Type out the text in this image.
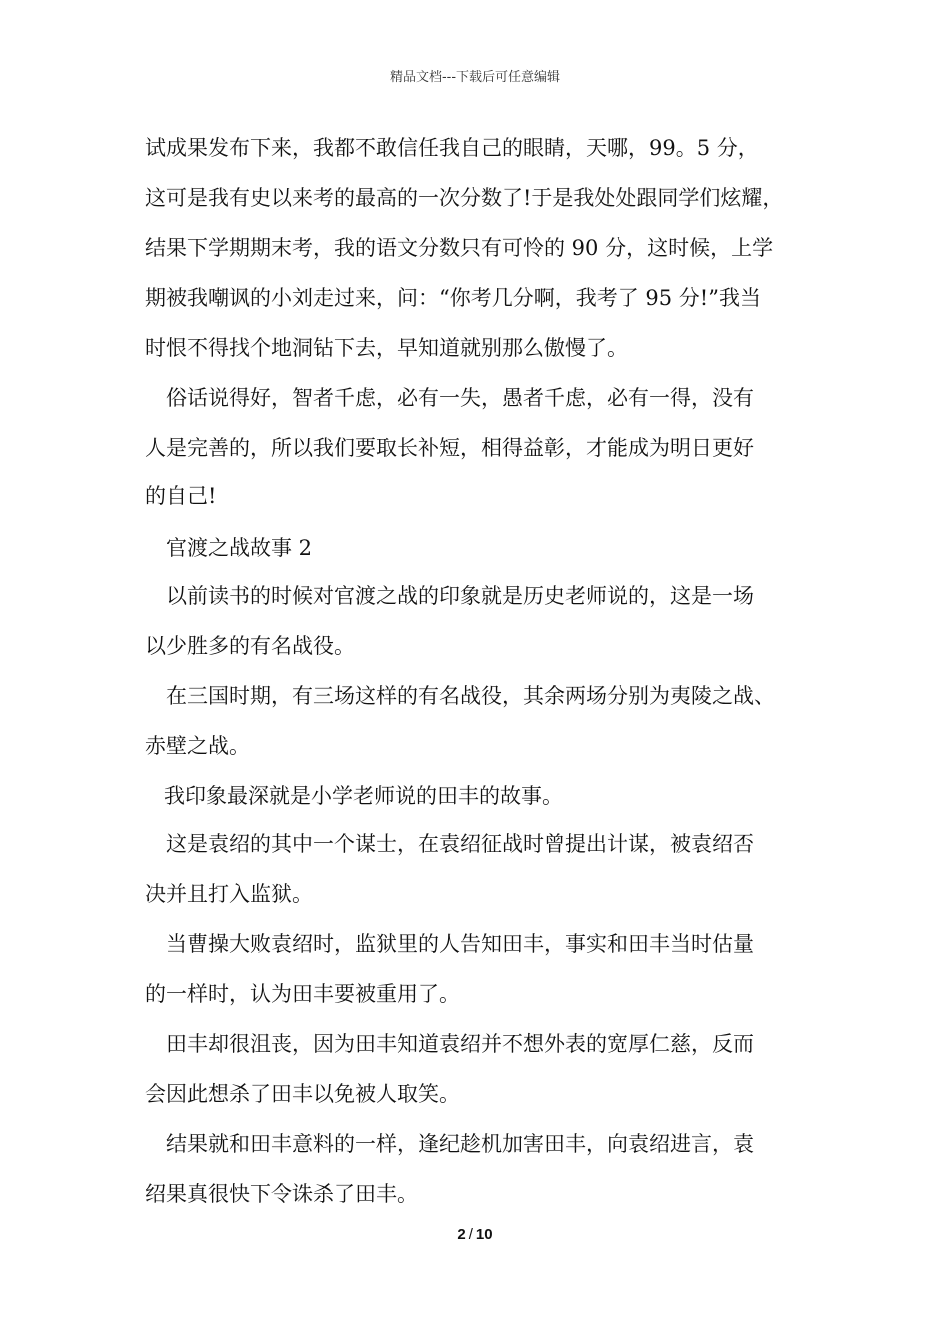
精品文档---下载后可任意编辑
试成果发布下来，我都不敢信任我自己的眼睛，天哪，99。5 分，
这可是我有史以来考的最高的一次分数了!于是我处处跟同学们炫耀，
结果下学期期末考，我的语文分数只有可怜的 90 分，这时候，上学
期被我嘲讽的小刘走过来，问：“你考几分啊，我考了 95 分!”我当
时恨不得找个地洞钻下去，早知道就别那么傲慢了。
俗话说得好，智者千虑，必有一失，愚者千虑，必有一得，没有
人是完善的，所以我们要取长补短，相得益彰，才能成为明日更好
的自己!
官渡之战故事 2
以前读书的时候对官渡之战的印象就是历史老师说的，这是一场
以少胜多的有名战役。
在三国时期，有三场这样的有名战役，其余两场分别为夷陵之战、
赤壁之战。
我印象最深就是小学老师说的田丰的故事。
这是袁绍的其中一个谋士，在袁绍征战时曾提出计谋，被袁绍否
决并且打入监狱。
当曹操大败袁绍时，监狱里的人告知田丰，事实和田丰当时估量
的一样时，认为田丰要被重用了。
田丰却很沮丧，因为田丰知道袁绍并不想外表的宽厚仁慈，反而
会因此想杀了田丰以免被人取笑。
结果就和田丰意料的一样，逢纪趁机加害田丰，向袁绍进言，袁
绍果真很快下令诛杀了田丰。
2 / 10
